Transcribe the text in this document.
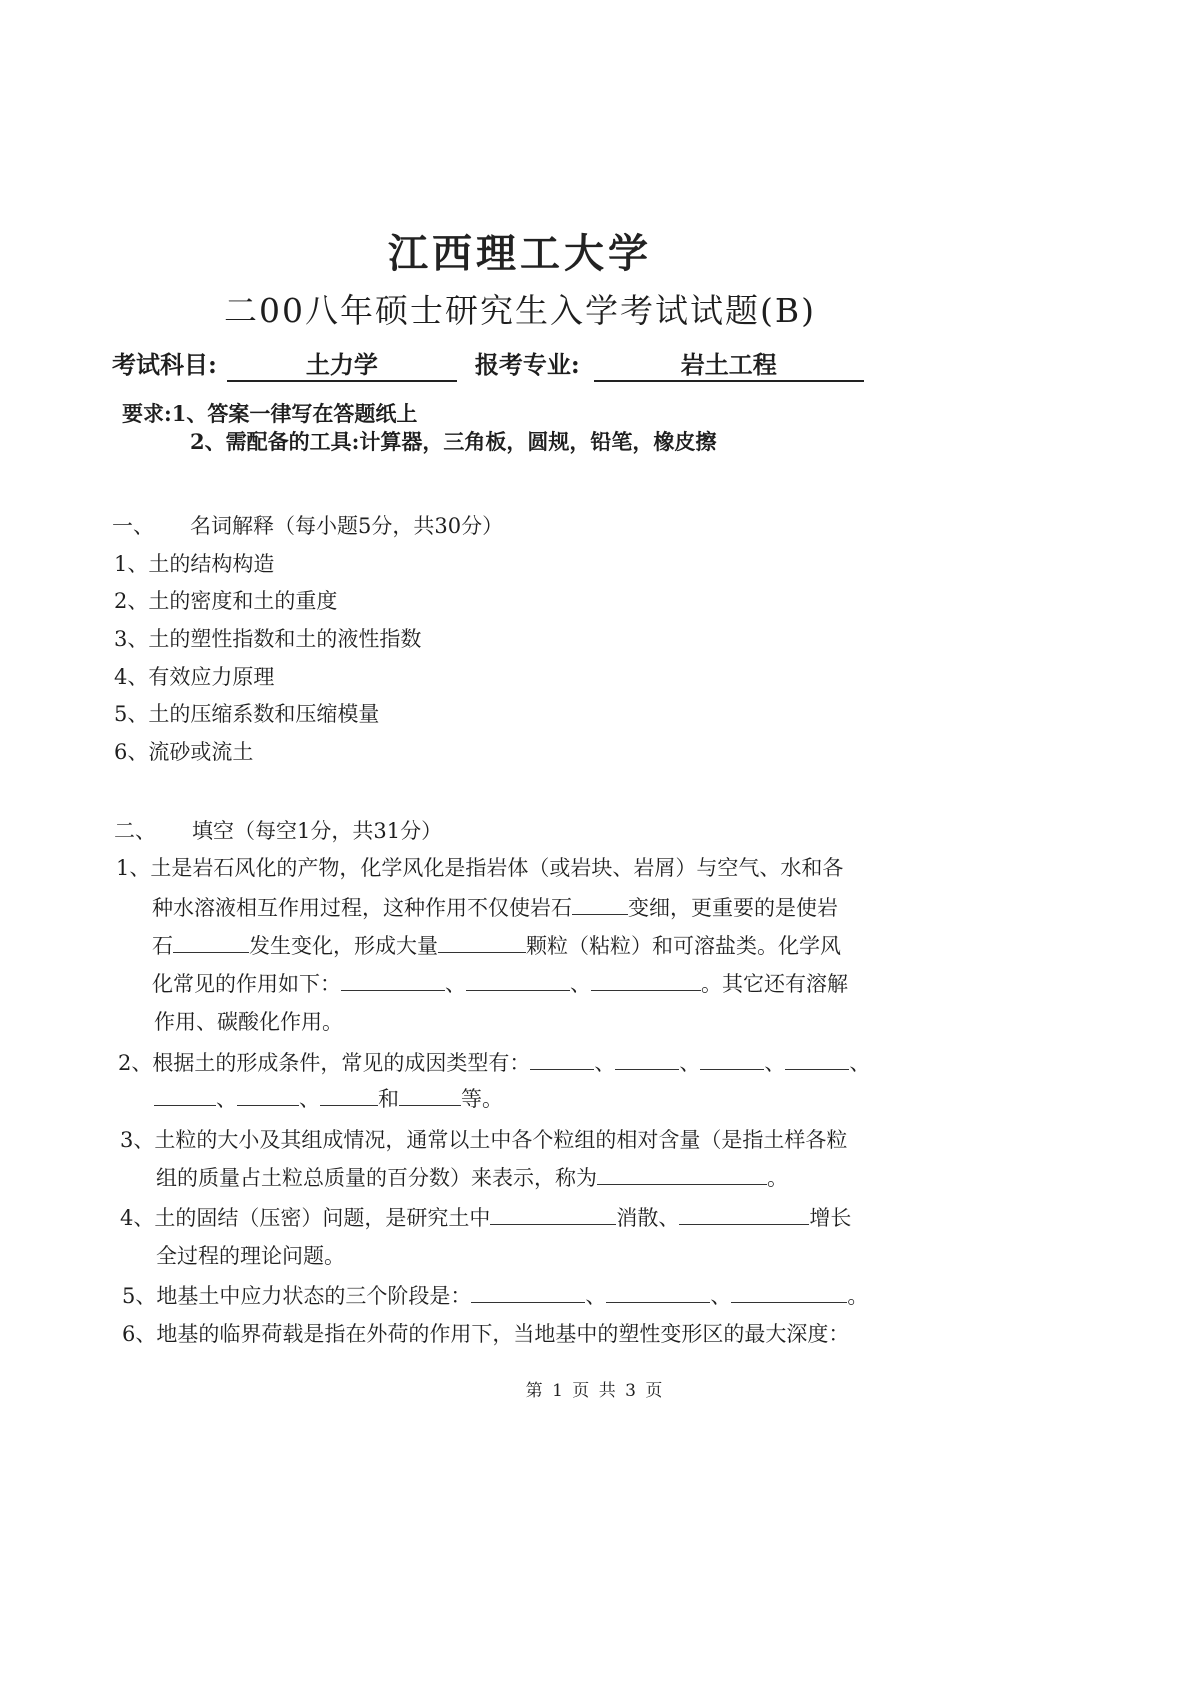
江西理工大学
二00八年硕士研究生入学考试试题(B)
考试科目:	土力学	报考专业:	岩土工程
要求:1、答案一律写在答题纸上
2、需配备的工具:计算器，三角板，圆规，铅笔，橡皮擦
一、 名词解释（每小题5分，共30分）
1、土的结构构造
2、土的密度和土的重度
3、土的塑性指数和土的液性指数
4、有效应力原理
5、土的压缩系数和压缩模量
6、流砂或流土
二、 填空（每空1分，共31分）
1、土是岩石风化的产物，化学风化是指岩体（或岩块、岩屑）与空气、水和各
种水溶液相互作用过程，这种作用不仅使岩石	变细，更重要的是使岩
石	发生变化，形成大量	颗粒（粘粒）和可溶盐类。化学风
化常见的作用如下：	、	、	。其它还有溶解
作用、碳酸化作用。
2、根据土的形成条件，常见的成因类型有：	、	、	、	、
、	、	和	等。
3、土粒的大小及其组成情况，通常以土中各个粒组的相对含量（是指土样各粒
组的质量占土粒总质量的百分数）来表示，称为	。
4、土的固结（压密）问题，是研究土中	消散、	增长
全过程的理论问题。
5、地基土中应力状态的三个阶段是：	、	、	。
6、地基的临界荷载是指在外荷的作用下，当地基中的塑性变形区的最大深度：
第 1 页 共 3 页
